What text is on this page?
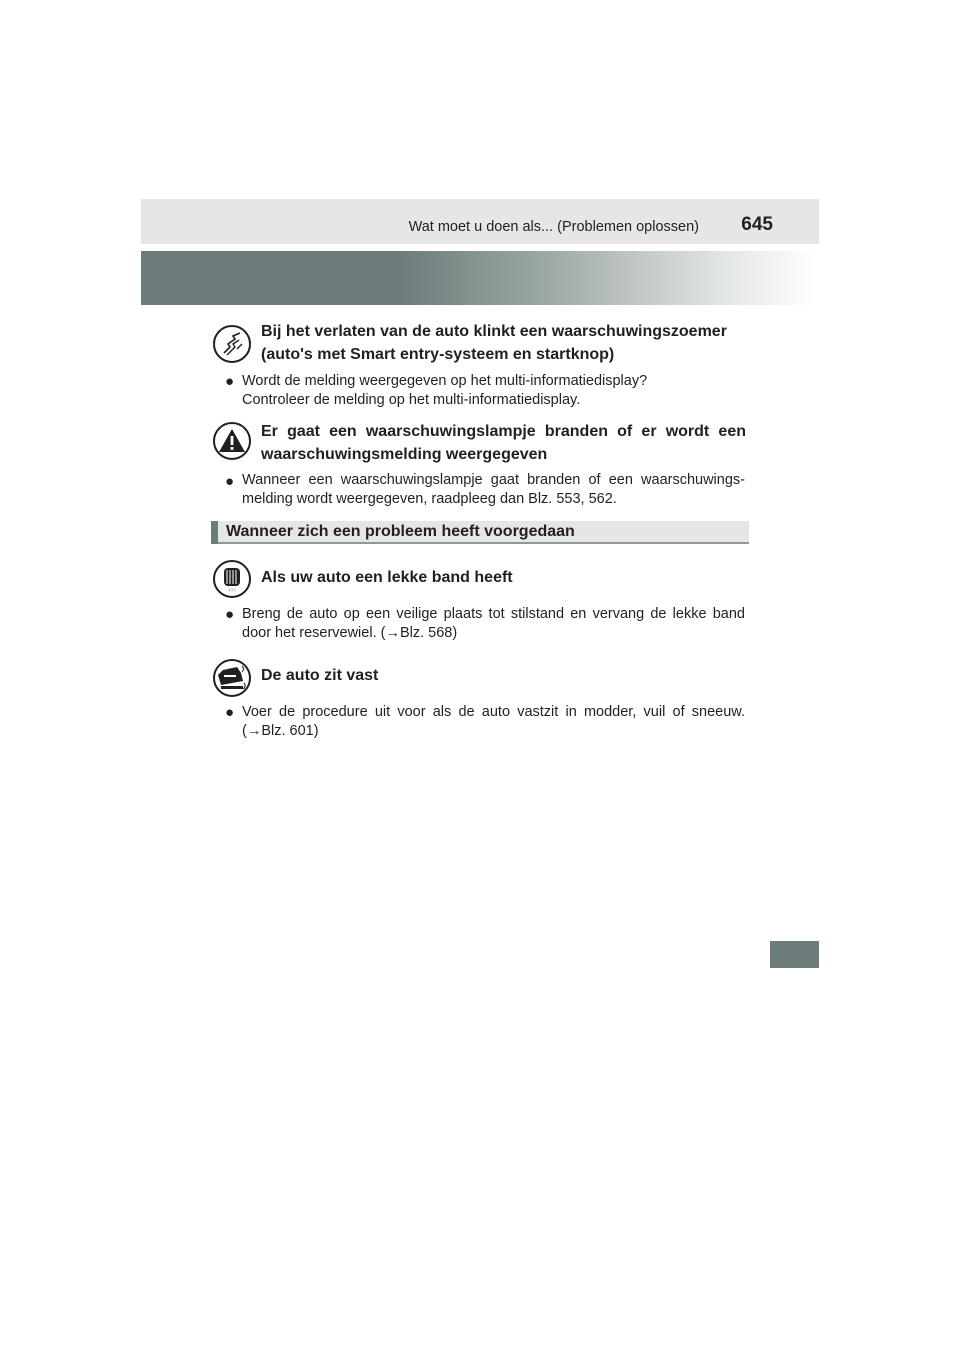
Wat moet u doen als... (Problemen oplossen) 645
Bij het verlaten van de auto klinkt een waarschuwingszoemer
(auto's met Smart entry-systeem en startknop)
● Wordt de melding weergegeven op het multi-informatiedisplay?
Controleer de melding op het multi-informatiedisplay.
Er gaat een waarschuwingslampje branden of er wordt een
waarschuwingsmelding weergegeven
● Wanneer een waarschuwingslampje gaat branden of een waarschuwings-
melding wordt weergegeven, raadpleeg dan Blz. 553, 562.
Wanneer zich een probleem heeft voorgedaan
! ! !
Als uw auto een lekke band heeft
● Breng de auto op een veilige plaats tot stilstand en vervang de lekke band
door het reservewiel. (→Blz. 568)
De auto zit vast
● Voer de procedure uit voor als de auto vastzit in modder, vuil of sneeuw.
(→Blz. 601)
